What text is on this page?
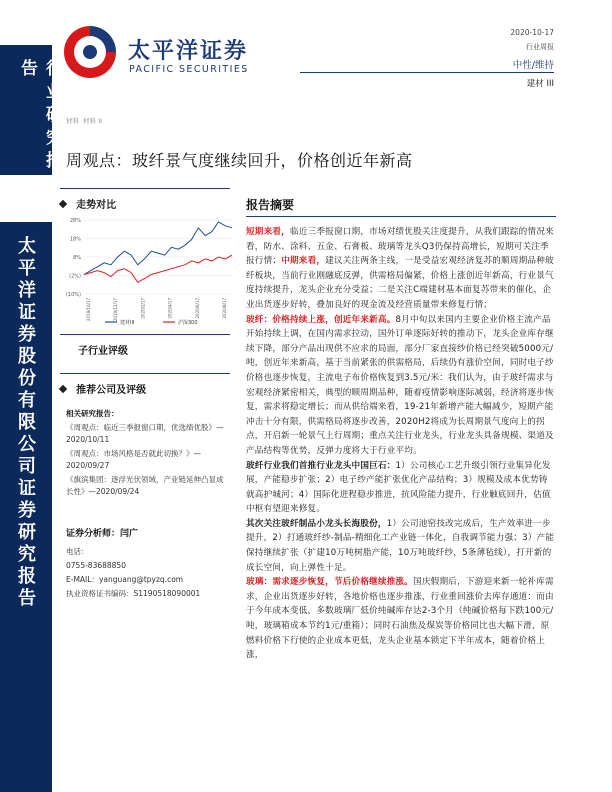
行业研究报告
太平洋证券股份有限公司证券研究报告
太平洋证券
PACIFIC SECURITIES
2020-10-17
行业周报
中性/维持
建材 III
材料  材料 II
周观点：玻纤景气度继续回升，价格创近年新高
走势对比
28%
18%
8%
(2%)
(10%)
2019/10/17	2019/12/17	2020/2/17	2020/4/17	2020/6/17	2020/8/17
建材III	沪深300
子行业评级
推荐公司及评级
相关研究报告：
《周观点：临近三季报窗口期，优选绩优股》—2020/10/11
《周观点：市场风格是否就此切换？》—2020/09/27
《旗滨集团：逐浮光伏领域，产业链延伸凸显成长性》—2020/09/24
证券分析师：闫广
电话：
0755-83688850
E-MAIL：yanguang@tpyzq.com
执业资格证书编码：S1190518090001
报告摘要

短期来看，临近三季报窗口期，市场对绩优股关注度提升，从我们跟踪的情况来看，防水、涂料、五金、石膏板、玻璃等龙头Q3仍保持高增长，短期可关注季报行情；中期来看，建议关注两条主线，一是受益宏观经济复苏的顺周期品种玻纤板块，当前行业刚融底反弹，供需格局偏紧，价格上涨创近年新高，行业景气度持续提升，龙头企业充分受益；二是关注C端建材基本面复苏带来的催化，企业出货逐步好转，叠加良好的现金流及经营质量带来修复行情；

玻纤：价格持续上涨，创近年来新高。8月中旬以来国内主要企业价格主流产品开始持续上调，在国内需求拉动，国外订单逐际好转的推动下，龙头企业库存继续下降，部分产品出现供不应求的局面，部分厂家直接纱价格已经突破5000元/吨，创近年来新高，基于当前紧张的供需格局，后续仍有涨价空间，同时电子纱价格也逐步恢复，主流电子布价格恢复到3.5元/米：我们认为，由于玻纤需求与宏观经济紧密相关，典型的顺周期品种，随着疫情影响逐际减弱，经济将逐步恢复，需求将稳定增长；而从供给端来看，19-21年新增产能大幅减少，短期产能冲击十分有限，供需格局将逐步改善，2020H2将成为长周期景气度向上的拐点，开启新一轮景气上行周期；重点关注行业龙头，行业龙头具备规模、渠道及产品结构等优势，反弹力度将大于行业平均。

玻纤行业我们首推行业龙头中国巨石：1）公司核心工艺升级引领行业集异化发展，产能稳步扩张；2）电子纱产能扩张优化产品结构；3）规模及成本优势铸就高护城河；4）国际化进程稳步推进，抗风险能力提升，行业触底回升，估值中枢有望迎来修复。

其次关注玻纤制品小龙头长海股份，1）公司池窑技改完成后，生产效率进一步提升，2）打通玻纤纱-制品-精细化工产业链一体化，自我调节能力强；3）产能保持继续扩张（扩建10万吨树脂产能，10万吨玻纤纱，5条薄毡线），打开新的成长空间，向上弹性十足。

玻璃：需求逐步恢复，节后价格继续推涨。国庆假期后，下游迎来新一轮补库需求，企业出货逐步好转，各地价格也逐步推涨，行业重回涨价去库存通道：而由于今年成本变低，多数玻璃厂低价纯碱库存达2-3个月（纯碱价格每下跌100元/吨，玻璃箱成本节约1元/重箱）；同时石油焦及煤炭等价格同比也大幅下滑，原燃料价格下行使的企业成本更低，龙头企业基本锁定下半年成本，随着价格上涨，
